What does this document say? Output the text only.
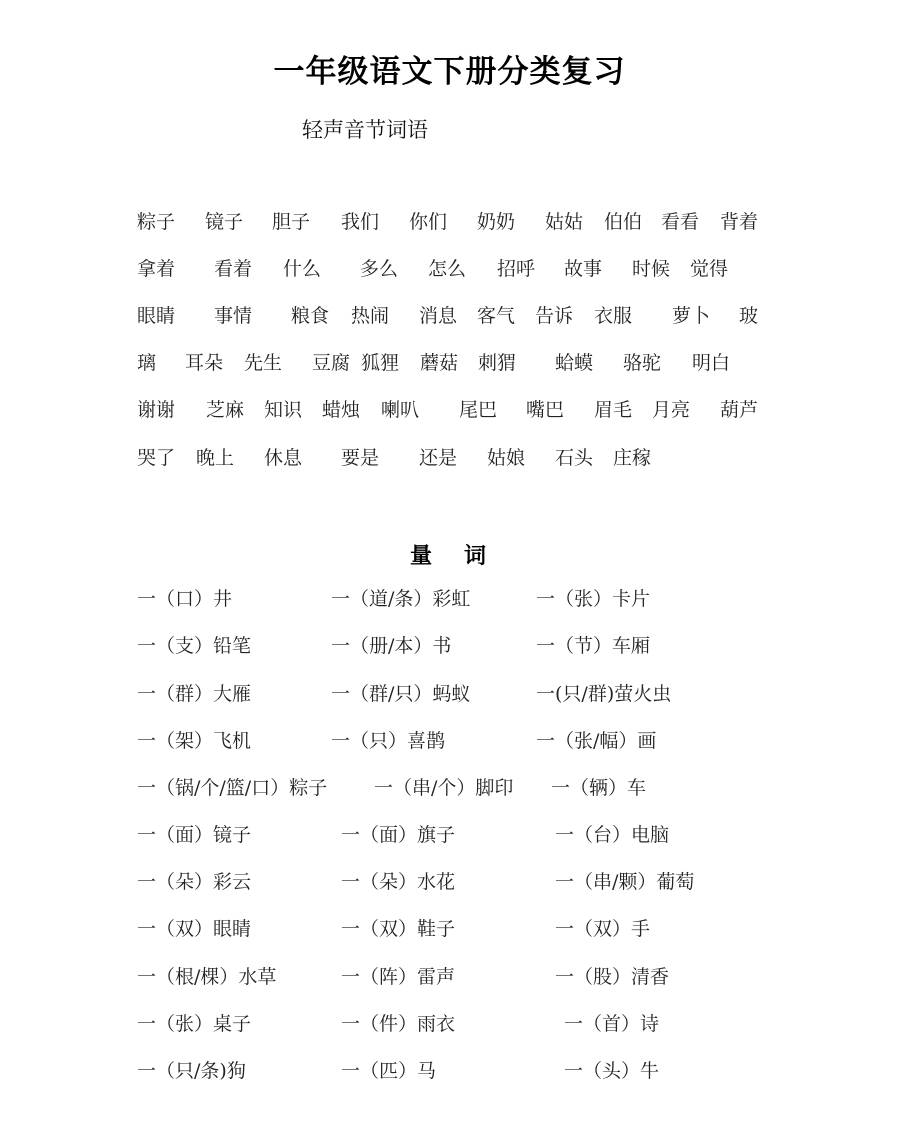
一年级语文下册分类复习
轻声音节词语
粽子 镜子 胆子 我们 你们 奶奶 姑姑 伯伯 看看 背着
拿着 看着 什么 多么 怎么 招呼 故事 时候 觉得
眼睛 事情 粮食 热闹 消息 客气 告诉 衣服 萝卜 玻
璃 耳朵 先生 豆腐 狐狸 蘑菇 刺猬 蛤蟆 骆驼 明白
谢谢 芝麻 知识 蜡烛 喇叭 尾巴 嘴巴 眉毛 月亮 葫芦
哭了 晚上 休息 要是 还是 姑娘 石头 庄稼
量词
一（口）井	一（道/条）彩虹	一（张）卡片
一（支）铅笔	一（册/本）书	一（节）车厢
一（群）大雁	一（群/只）蚂蚁	一(只/群)萤火虫
一（架）飞机	一（只）喜鹊	一（张/幅）画
一（锅/个/篮/口）粽子 一（串/个）脚印 一（辆）车
一（面）镜子	一（面）旗子	一（台）电脑
一（朵）彩云	一（朵）水花	一（串/颗）葡萄
一（双）眼睛	一（双）鞋子	一（双）手
一（根/棵）水草	一（阵）雷声	一（股）清香
一（张）桌子	一（件）雨衣	一（首）诗
一（只/条)狗	一（匹）马	一（头）牛
